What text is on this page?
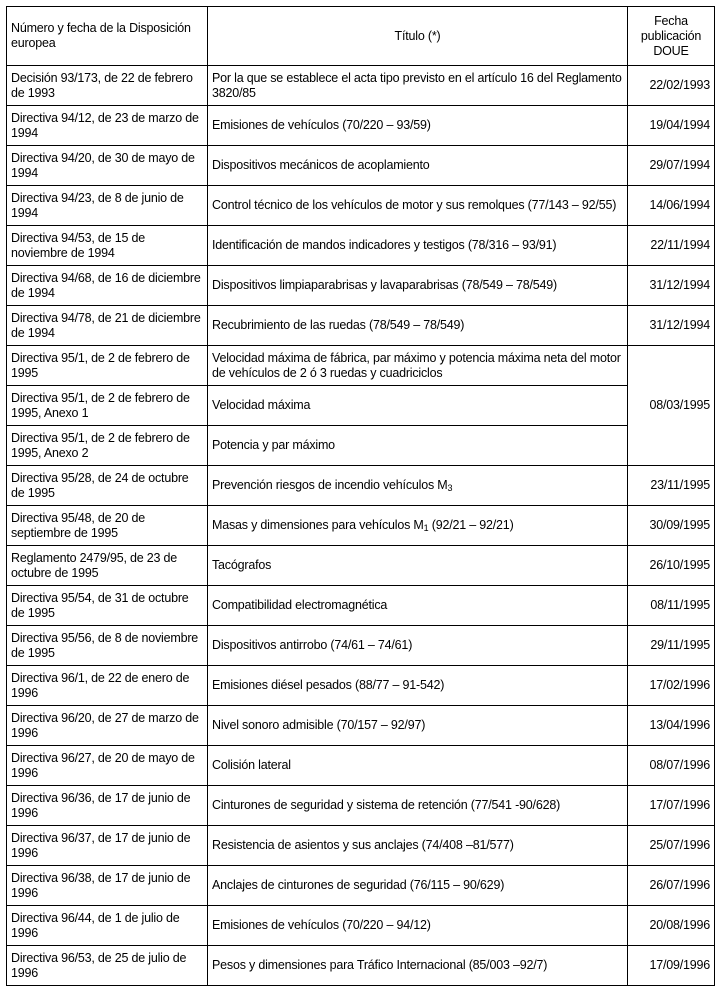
Número y fecha de la Disposición europea	Título (*)	Fecha publicación DOUE
Decisión 93/173, de 22 de febrero de 1993	Por la que se establece el acta tipo previsto en el artículo 16 del Reglamento 3820/85	22/02/1993
Directiva 94/12, de 23 de marzo de 1994	Emisiones de vehículos (70/220 – 93/59)	19/04/1994
Directiva 94/20, de 30 de mayo de 1994	Dispositivos mecánicos de acoplamiento	29/07/1994
Directiva 94/23, de 8 de junio de 1994	Control técnico de los vehículos de motor y sus remolques (77/143 – 92/55)	14/06/1994
Directiva 94/53, de 15 de noviembre de 1994	Identificación de mandos indicadores y testigos (78/316 – 93/91)	22/11/1994
Directiva 94/68, de 16 de diciembre de 1994	Dispositivos limpiaparabrisas y lavaparabrisas (78/549 – 78/549)	31/12/1994
Directiva 94/78, de 21 de diciembre de 1994	Recubrimiento de las ruedas (78/549 – 78/549)	31/12/1994
Directiva 95/1, de 2 de febrero de 1995	Velocidad máxima de fábrica, par máximo y potencia máxima neta del motor de vehículos de 2 ó 3 ruedas y cuadriciclos	08/03/1995
Directiva 95/1, de 2 de febrero de 1995, Anexo 1	Velocidad máxima	
Directiva 95/1, de 2 de febrero de 1995, Anexo 2	Potencia y par máximo	
Directiva 95/28, de 24 de octubre de 1995	Prevención riesgos de incendio vehículos $M_3$	23/11/1995
Directiva 95/48, de 20 de septiembre de 1995	Masas y dimensiones para vehículos $M_1$ (92/21 – 92/21)	30/09/1995
Reglamento 2479/95, de 23 de octubre de 1995	Tacógrafos	26/10/1995
Directiva 95/54, de 31 de octubre de 1995	Compatibilidad electromagnética	08/11/1995
Directiva 95/56, de 8 de noviembre de 1995	Dispositivos antirrobo (74/61 – 74/61)	29/11/1995
Directiva 96/1, de 22 de enero de 1996	Emisiones diésel pesados (88/77 – 91-542)	17/02/1996
Directiva 96/20, de 27 de marzo de 1996	Nivel sonoro admisible (70/157 – 92/97)	13/04/1996
Directiva 96/27, de 20 de mayo de 1996	Colisión lateral	08/07/1996
Directiva 96/36, de 17 de junio de 1996	Cinturones de seguridad y sistema de retención (77/541 -90/628)	17/07/1996
Directiva 96/37, de 17 de junio de 1996	Resistencia de asientos y sus anclajes (74/408 –81/577)	25/07/1996
Directiva 96/38, de 17 de junio de 1996	Anclajes de cinturones de seguridad (76/115 – 90/629)	26/07/1996
Directiva 96/44, de 1 de julio de 1996	Emisiones de vehículos (70/220 – 94/12)	20/08/1996
Directiva 96/53, de 25 de julio de 1996	Pesos y dimensiones para Tráfico Internacional (85/003 –92/7)	17/09/1996
